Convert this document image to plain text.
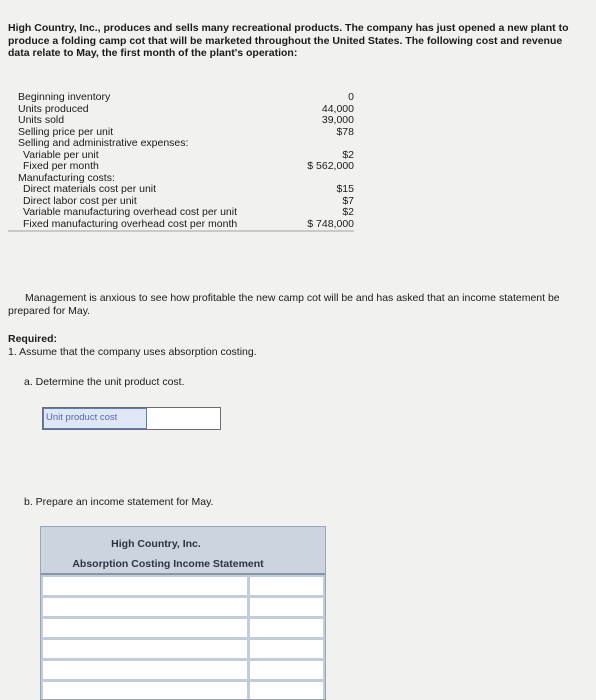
High Country, Inc., produces and sells many recreational products. The company has just opened a new plant to produce a folding camp cot that will be marketed throughout the United States. The following cost and revenue data relate to May, the first month of the plant's operation:
Beginning inventory	0
Units produced	44,000
Units sold	39,000
Selling price per unit	$78
Selling and administrative expenses:	
Variable per unit	$2
Fixed per month	$ 562,000
Manufacturing costs:	
Direct materials cost per unit	$15
Direct labor cost per unit	$7
Variable manufacturing overhead cost per unit	$2
Fixed manufacturing overhead cost per month	$ 748,000
Management is anxious to see how profitable the new camp cot will be and has asked that an income statement be prepared for May.
Required:
1. Assume that the company uses absorption costing.
a. Determine the unit product cost.
Unit product cost
b. Prepare an income statement for May.
High Country, Inc.
Absorption Costing Income Statement
